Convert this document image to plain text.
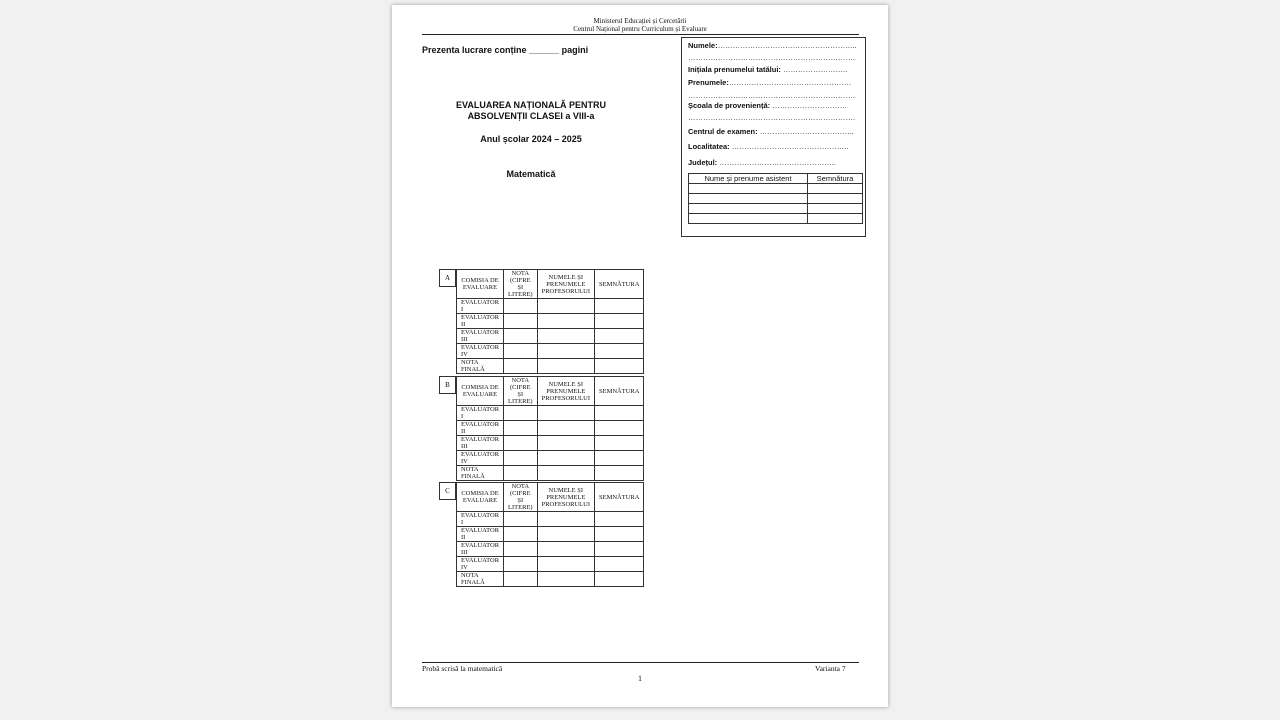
Ministerul Educației și Cercetării
Centrul Național pentru Curriculum și Evaluare
Prezenta lucrare conține ______ pagini
EVALUAREA NAȚIONALĂ PENTRU
ABSOLVENȚII CLASEI a VIII-a
Anul școlar 2024 – 2025
Matematică
Numele:………………………………………………..
………………………………………………………….
Inițiala prenumelui tatălui: ……………………..
Prenumele:………………………………………….
………………………………………………………….
Școala de proveniență: …………………………
………………………………………………………….
Centrul de examen: ………………………………..
Localitatea: ………………………………………..
Județul: ………………………………………..
Nume și prenume asistent	Semnătura

A	COMISIA DE EVALUARE	NOTA (CIFRE ȘI LITERE)	NUMELE ȘI PRENUMELE PROFESORULUI	SEMNĂTURA
EVALUATOR I			
EVALUATOR II			
EVALUATOR III			
EVALUATOR IV			
NOTA FINALĂ			
B	COMISIA DE EVALUARE	NOTA (CIFRE ȘI LITERE)	NUMELE ȘI PRENUMELE PROFESORULUI	SEMNĂTURA
EVALUATOR I			
EVALUATOR II			
EVALUATOR III			
EVALUATOR IV			
NOTA FINALĂ			
C	COMISIA DE EVALUARE	NOTA (CIFRE ȘI LITERE)	NUMELE ȘI PRENUMELE PROFESORULUI	SEMNĂTURA
EVALUATOR I			
EVALUATOR II			
EVALUATOR III			
EVALUATOR IV			
NOTA FINALĂ			
Probă scrisă la matematică	Varianta 7
1
